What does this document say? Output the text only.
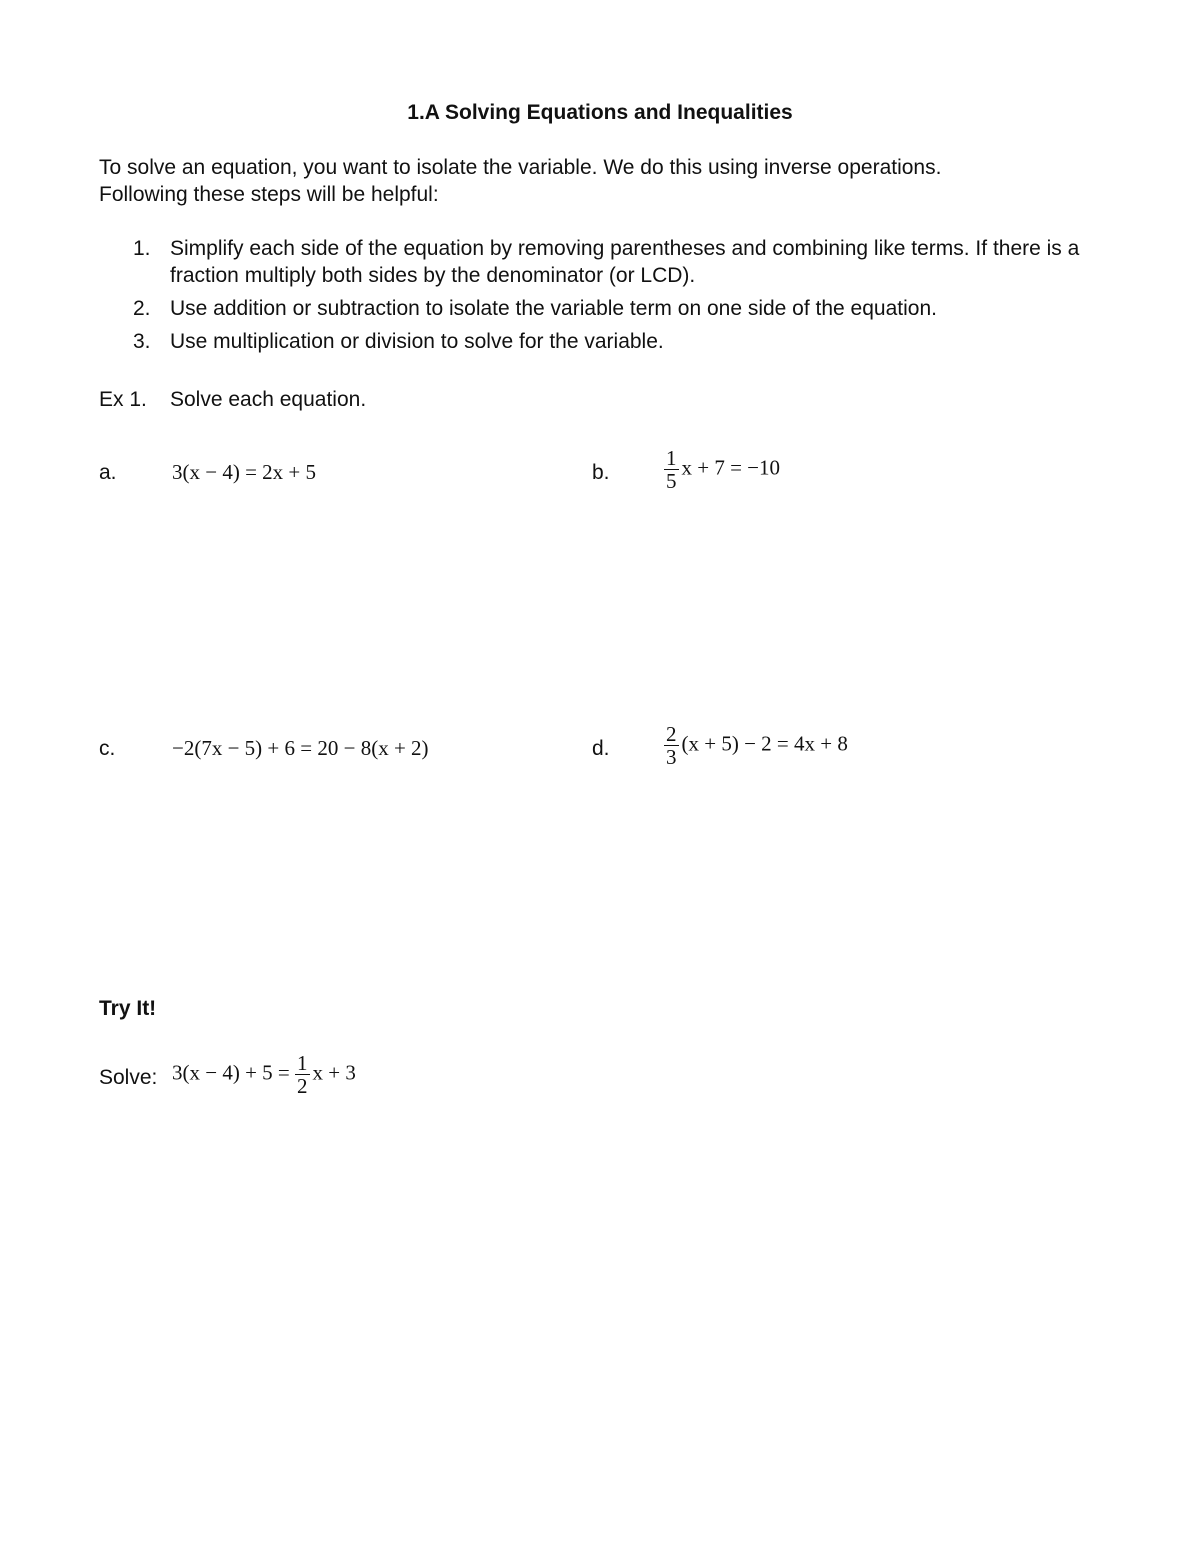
1.A Solving Equations and Inequalities
To solve an equation, you want to isolate the variable. We do this using inverse operations.
Following these steps will be helpful:
1. Simplify each side of the equation by removing parentheses and combining like terms. If there is a fraction multiply both sides by the denominator (or LCD).
2. Use addition or subtraction to isolate the variable term on one side of the equation.
3. Use multiplication or division to solve for the variable.
Ex 1. Solve each equation.
a.	3(x − 4) = 2x + 5	b.	$\frac{1}{5}$ x + 7 = −10
c.	−2(7x − 5) + 6 = 20 − 8(x + 2)	d.	$\frac{2}{3} (x + 5) - 2 = 4x + 8$
Try It!
Solve: $3(x - 4) + 5 = \frac{1}{2}$ x + 3
